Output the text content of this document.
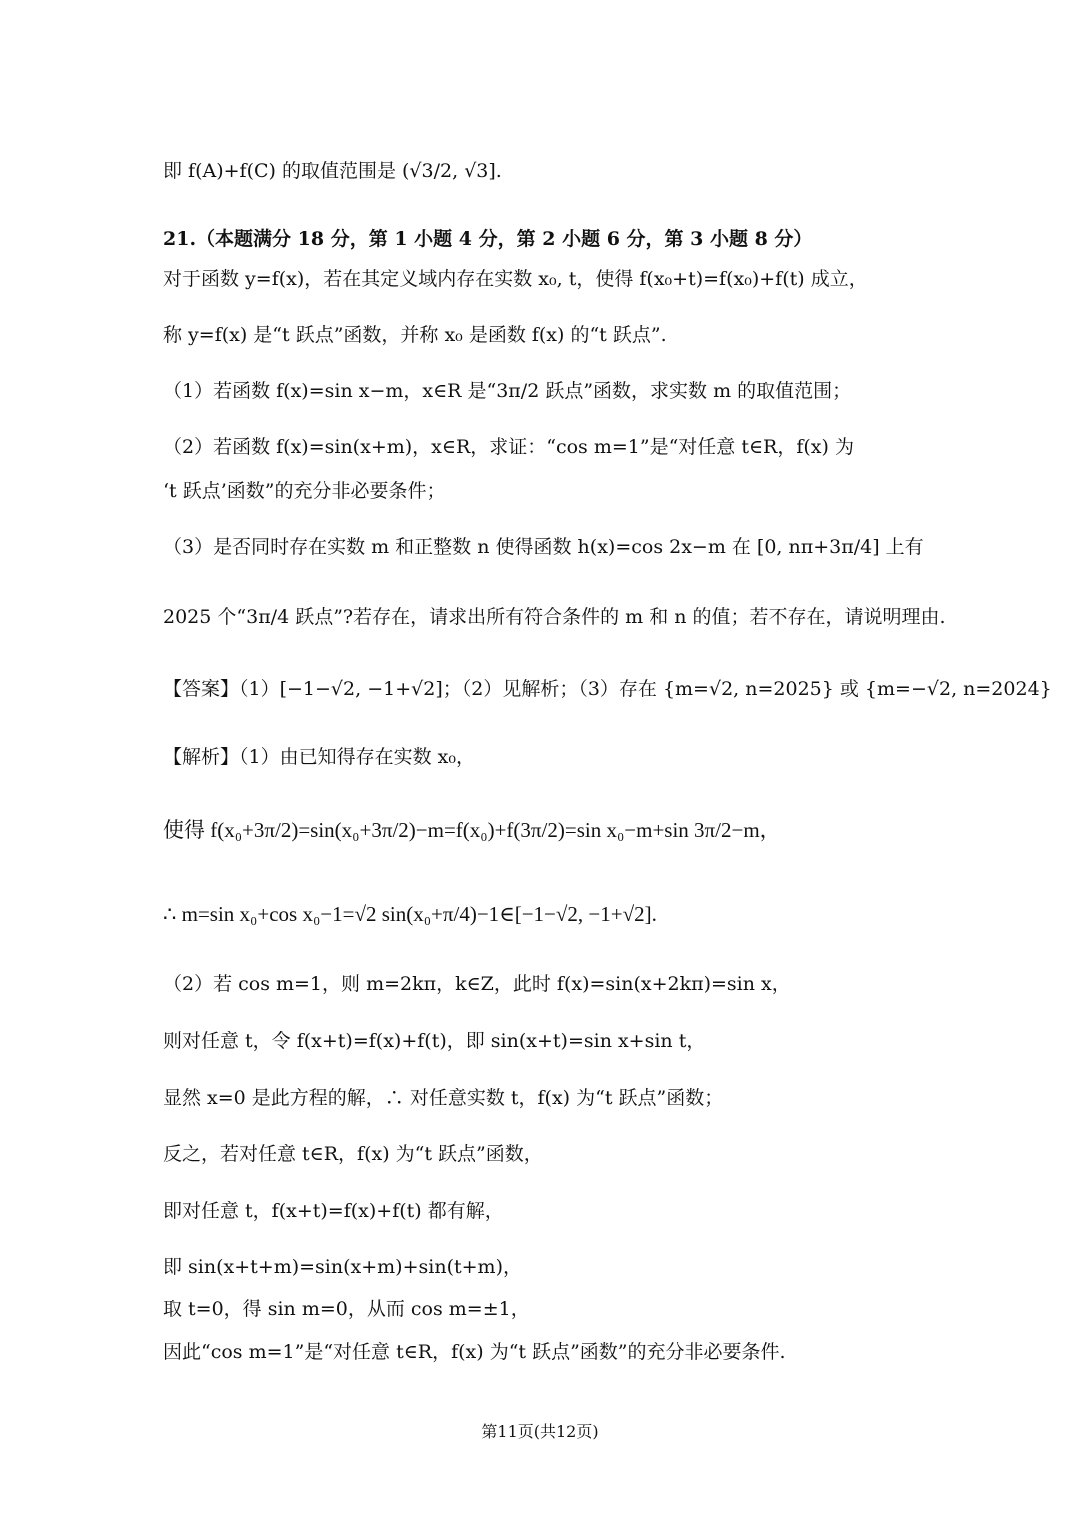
即 f(A)+f(C) 的取值范围是 (√3/2, √3].
21.（本题满分 18 分，第 1 小题 4 分，第 2 小题 6 分，第 3 小题 8 分）
对于函数 y=f(x)，若在其定义域内存在实数 x₀, t，使得 f(x₀+t)=f(x₀)+f(t) 成立，
称 y=f(x) 是“t 跃点”函数，并称 x₀ 是函数 f(x) 的“t 跃点”.
（1）若函数 f(x)=sin x−m，x∈R 是“3π/2 跃点”函数，求实数 m 的取值范围；
（2）若函数 f(x)=sin(x+m)，x∈R，求证：“cos m=1”是“对任意 t∈R，f(x) 为
‘t 跃点’函数”的充分非必要条件；
（3）是否同时存在实数 m 和正整数 n 使得函数 h(x)=cos 2x−m 在 [0, nπ+3π/4] 上有
2025 个“3π/4 跃点”?若存在，请求出所有符合条件的 m 和 n 的值；若不存在，请说明理由.
【答案】（1）[−1−√2, −1+√2]；（2）见解析；（3）存在 {m=√2, n=2025} 或 {m=−√2, n=2024}
【解析】（1）由已知得存在实数 x₀，
使得 f(x₀+3π/2)=sin(x₀+3π/2)−m=f(x₀)+f(3π/2)=sin x₀−m+sin 3π/2−m，
∴ m=sin x₀+cos x₀−1=√2 sin(x₀+π/4)−1∈[−1−√2, −1+√2].
（2）若 cos m=1，则 m=2kπ，k∈Z，此时 f(x)=sin(x+2kπ)=sin x，
则对任意 t，令 f(x+t)=f(x)+f(t)，即 sin(x+t)=sin x+sin t，
显然 x=0 是此方程的解，∴ 对任意实数 t，f(x) 为“t 跃点”函数；
反之，若对任意 t∈R，f(x) 为“t 跃点”函数，
即对任意 t，f(x+t)=f(x)+f(t) 都有解，
即 sin(x+t+m)=sin(x+m)+sin(t+m)，
取 t=0，得 sin m=0，从而 cos m=±1，
因此“cos m=1”是“对任意 t∈R，f(x) 为“t 跃点”函数”的充分非必要条件.
第11页(共12页)
